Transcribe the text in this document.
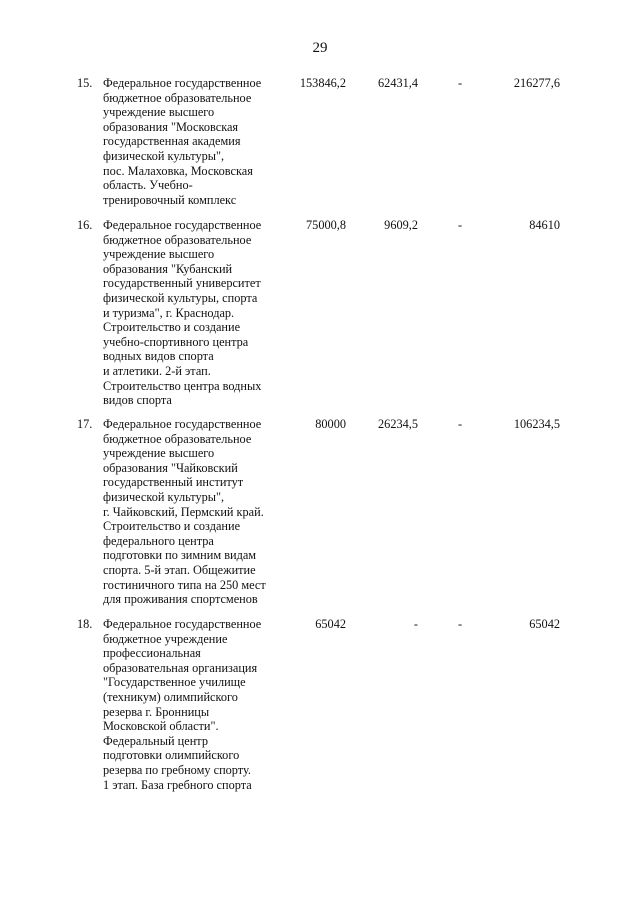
29
15. Федеральное государственное
бюджетное образовательное
учреждение высшего
образования "Московская
государственная академия
физической культуры",
пос. Малаховка, Московская
область. Учебно-
тренировочный комплекс
153846,2	62431,4	-	216277,6
16. Федеральное государственное
бюджетное образовательное
учреждение высшего
образования "Кубанский
государственный университет
физической культуры, спорта
и туризма", г. Краснодар.
Строительство и создание
учебно-спортивного центра
водных видов спорта
и атлетики. 2-й этап.
Строительство центра водных
видов спорта
75000,8	9609,2	-	84610
17. Федеральное государственное
бюджетное образовательное
учреждение высшего
образования "Чайковский
государственный институт
физической культуры",
г. Чайковский, Пермский край.
Строительство и создание
федерального центра
подготовки по зимним видам
спорта. 5-й этап. Общежитие
гостиничного типа на 250 мест
для проживания спортсменов
80000	26234,5	-	106234,5
18. Федеральное государственное
бюджетное учреждение
профессиональная
образовательная организация
"Государственное училище
(техникум) олимпийского
резерва г. Бронницы
Московской области".
Федеральный центр
подготовки олимпийского
резерва по гребному спорту.
1 этап. База гребного спорта
65042	-	-	65042
